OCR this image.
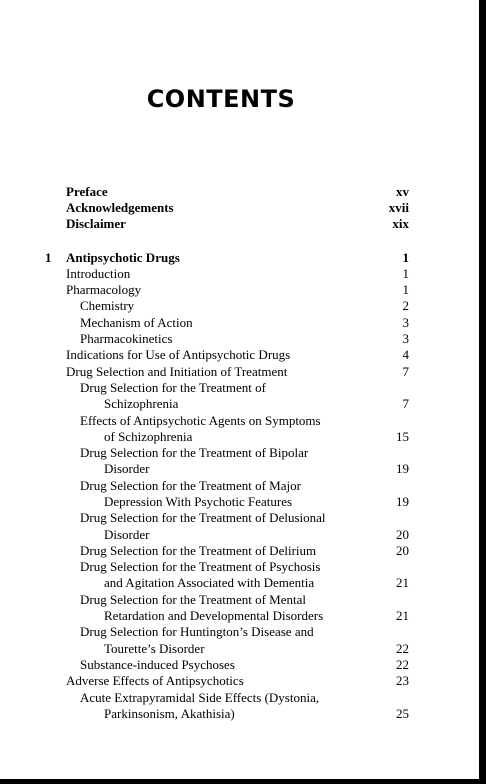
CONTENTS
Preface	xv
Acknowledgements	xvii
Disclaimer	xix
1 Antipsychotic Drugs	1
Introduction	1
Pharmacology	1
Chemistry	2
Mechanism of Action	3
Pharmacokinetics	3
Indications for Use of Antipsychotic Drugs	4
Drug Selection and Initiation of Treatment	7
Drug Selection for the Treatment of
Schizophrenia	7
Effects of Antipsychotic Agents on Symptoms
of Schizophrenia	15
Drug Selection for the Treatment of Bipolar
Disorder	19
Drug Selection for the Treatment of Major
Depression With Psychotic Features	19
Drug Selection for the Treatment of Delusional
Disorder	20
Drug Selection for the Treatment of Delirium	20
Drug Selection for the Treatment of Psychosis
and Agitation Associated with Dementia	21
Drug Selection for the Treatment of Mental
Retardation and Developmental Disorders	21
Drug Selection for Huntington’s Disease and
Tourette’s Disorder	22
Substance-induced Psychoses	22
Adverse Effects of Antipsychotics	23
Acute Extrapyramidal Side Effects (Dystonia,
Parkinsonism, Akathisia)	25
